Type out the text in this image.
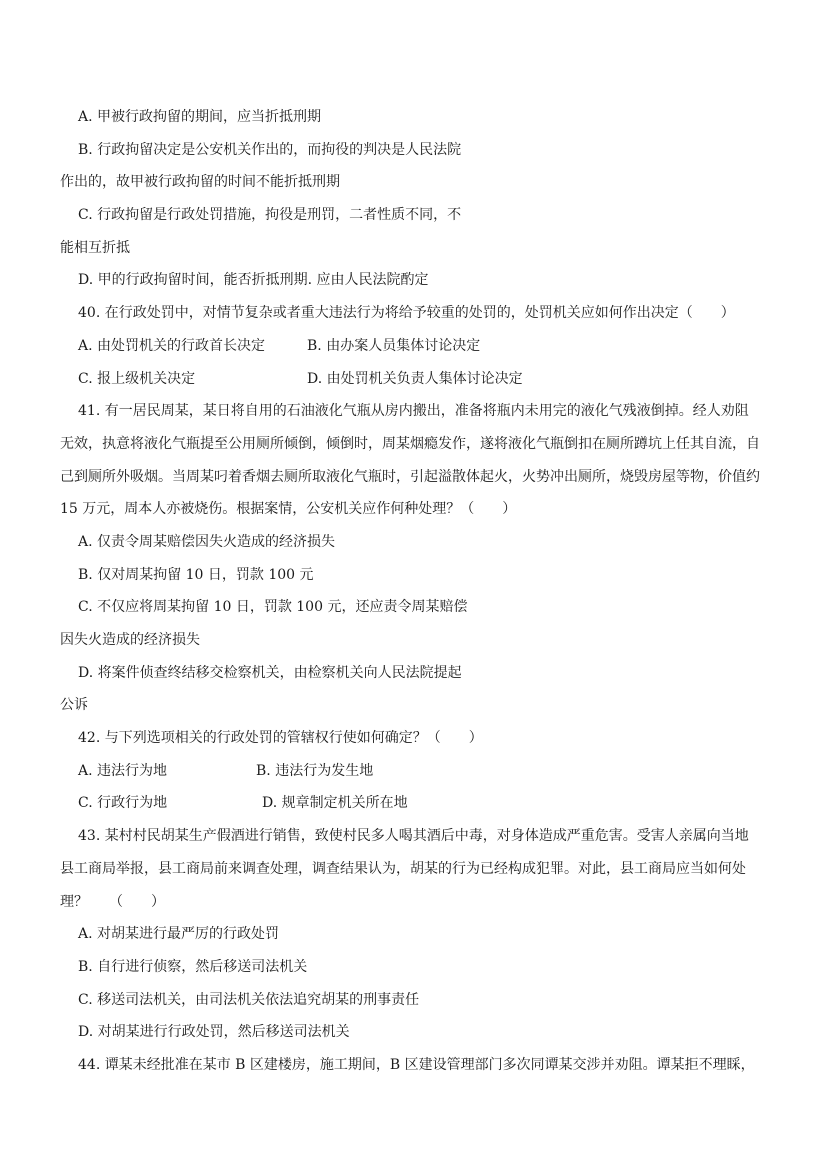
A. 甲被行政拘留的期间，应当折抵刑期
B. 行政拘留决定是公安机关作出的，而拘役的判决是人民法院
作出的，故甲被行政拘留的时间不能折抵刑期
C. 行政拘留是行政处罚措施，拘役是刑罚，二者性质不同，不
能相互折抵
D. 甲的行政拘留时间，能否折抵刑期. 应由人民法院酌定
40. 在行政处罚中，对情节复杂或者重大违法行为将给予较重的处罚的，处罚机关应如何作出决定（　　）
A. 由处罚机关的行政首长决定	B. 由办案人员集体讨论决定
C. 报上级机关决定	D. 由处罚机关负责人集体讨论决定
41. 有一居民周某，某日将自用的石油液化气瓶从房内搬出，准备将瓶内未用完的液化气残液倒掉。经人劝阻
无效，执意将液化气瓶提至公用厕所倾倒，倾倒时，周某烟瘾发作，遂将液化气瓶倒扣在厕所蹲坑上任其自流，自
己到厕所外吸烟。当周某叼着香烟去厕所取液化气瓶时，引起溢散体起火，火势冲出厕所，烧毁房屋等物，价值约
15 万元，周本人亦被烧伤。根据案情，公安机关应作何种处理？（　　）
A. 仅责令周某赔偿因失火造成的经济损失
B. 仅对周某拘留 10 日，罚款 100 元
C. 不仅应将周某拘留 10 日，罚款 100 元，还应责令周某赔偿
因失火造成的经济损失
D. 将案件侦查终结移交检察机关，由检察机关向人民法院提起
公诉
42. 与下列选项相关的行政处罚的管辖权行使如何确定？（　　）
A. 违法行为地	B. 违法行为发生地
C. 行政行为地	D. 规章制定机关所在地
43. 某村村民胡某生产假酒进行销售，致使村民多人喝其酒后中毒，对身体造成严重危害。受害人亲属向当地
县工商局举报，县工商局前来调查处理，调查结果认为，胡某的行为已经构成犯罪。对此，县工商局应当如何处
理？　　（　　）
A. 对胡某进行最严厉的行政处罚
B. 自行进行侦察，然后移送司法机关
C. 移送司法机关，由司法机关依法追究胡某的刑事责任
D. 对胡某进行行政处罚，然后移送司法机关
44. 谭某未经批准在某市 B 区建楼房，施工期间，B 区建设管理部门多次同谭某交涉并劝阻。谭某拒不理睬，
